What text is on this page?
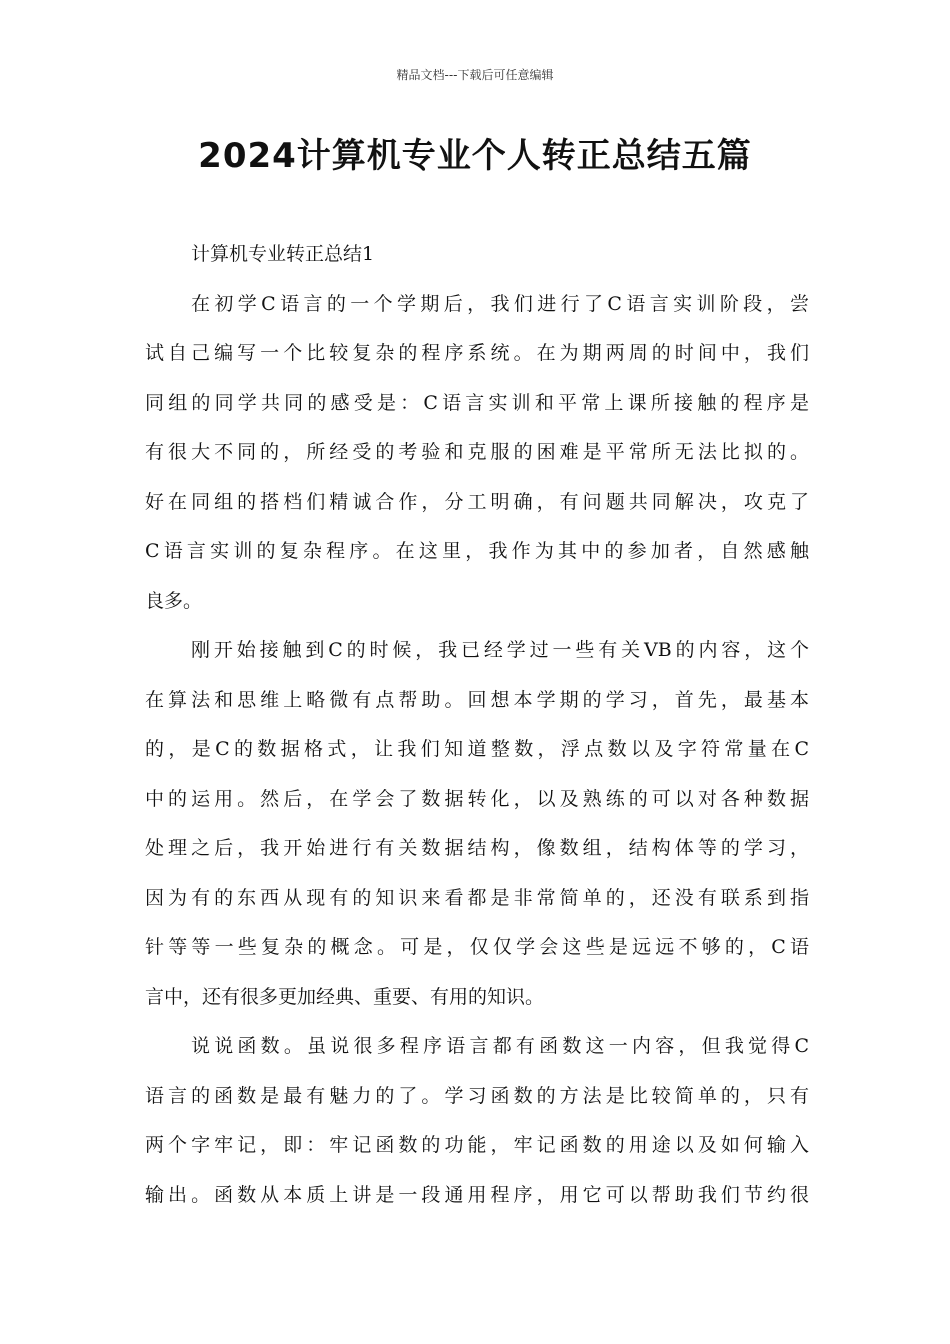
精品文档---下载后可任意编辑
2024计算机专业个人转正总结五篇

计算机专业转正总结1

在初学C语言的一个学期后，我们进行了C语言实训阶段，尝
试自己编写一个比较复杂的程序系统。在为期两周的时间中，我们
同组的同学共同的感受是：C语言实训和平常上课所接触的程序是
有很大不同的，所经受的考验和克服的困难是平常所无法比拟的。
好在同组的搭档们精诚合作，分工明确，有问题共同解决，攻克了
C语言实训的复杂程序。在这里，我作为其中的参加者，自然感触
良多。

刚开始接触到C的时候，我已经学过一些有关VB的内容，这个
在算法和思维上略微有点帮助。回想本学期的学习，首先，最基本
的，是C的数据格式，让我们知道整数，浮点数以及字符常量在C
中的运用。然后，在学会了数据转化，以及熟练的可以对各种数据
处理之后，我开始进行有关数据结构，像数组，结构体等的学习，
因为有的东西从现有的知识来看都是非常简单的，还没有联系到指
针等等一些复杂的概念。可是，仅仅学会这些是远远不够的，C语
言中，还有很多更加经典、重要、有用的知识。

说说函数。虽说很多程序语言都有函数这一内容，但我觉得C
语言的函数是最有魅力的了。学习函数的方法是比较简单的，只有
两个字牢记，即：牢记函数的功能，牢记函数的用途以及如何输入
输出。函数从本质上讲是一段通用程序，用它可以帮助我们节约很
